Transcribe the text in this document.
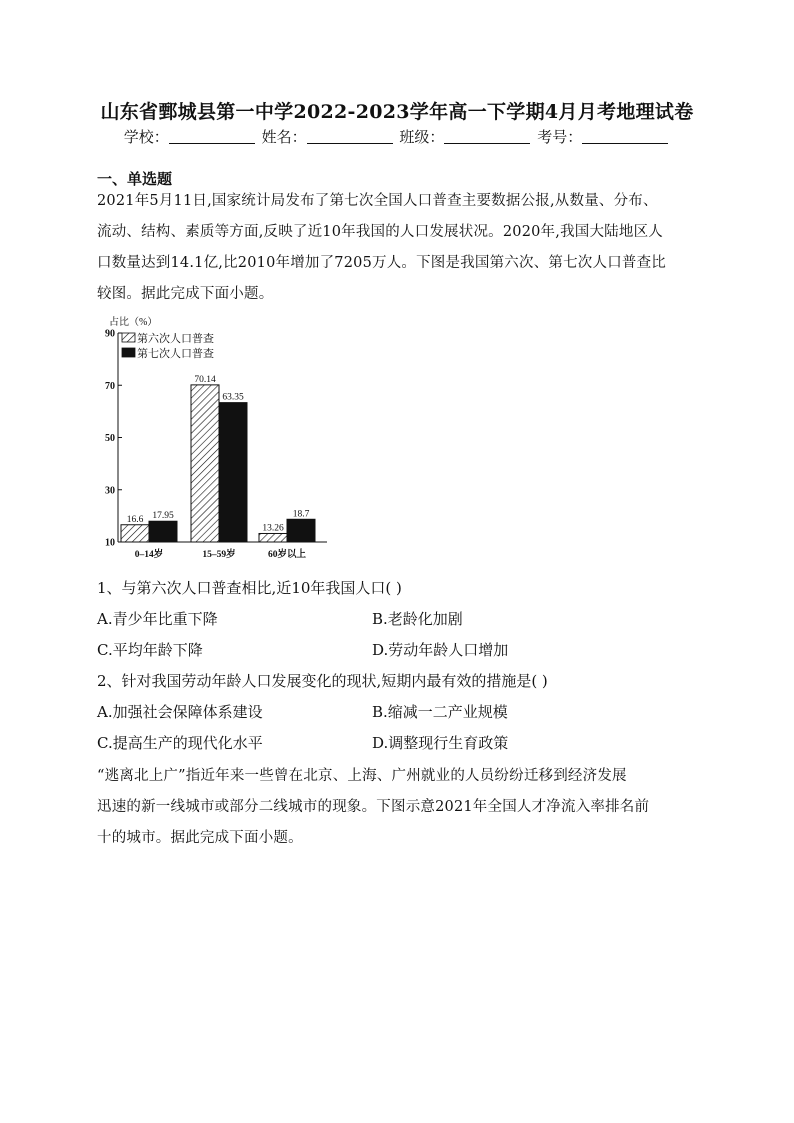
山东省鄄城县第一中学2022-2023学年高一下学期4月月考地理试卷
学校：	姓名：	班级：	考号：
一、单选题
2021年5月11日,国家统计局发布了第七次全国人口普查主要数据公报,从数量、分布、
流动、结构、素质等方面,反映了近10年我国的人口发展状况。2020年,我国大陆地区人
口数量达到14.1亿,比2010年增加了7205万人。下图是我国第六次、第七次人口普查比
较图。据此完成下面小题。
占比（%）
10
30
50
70
90
16.6 17.95
0–14岁
70.14
63.35
15–59岁
13.26
18.7
60岁以上
第六次人口普查
第七次人口普查
1、与第六次人口普查相比,近10年我国人口( )
A.青少年比重下降	B.老龄化加剧
C.平均年龄下降	D.劳动年龄人口增加
2、针对我国劳动年龄人口发展变化的现状,短期内最有效的措施是( )
A.加强社会保障体系建设	B.缩减一二产业规模
C.提高生产的现代化水平	D.调整现行生育政策
“逃离北上广”指近年来一些曾在北京、上海、广州就业的人员纷纷迁移到经济发展
迅速的新一线城市或部分二线城市的现象。下图示意2021年全国人才净流入率排名前
十的城市。据此完成下面小题。
